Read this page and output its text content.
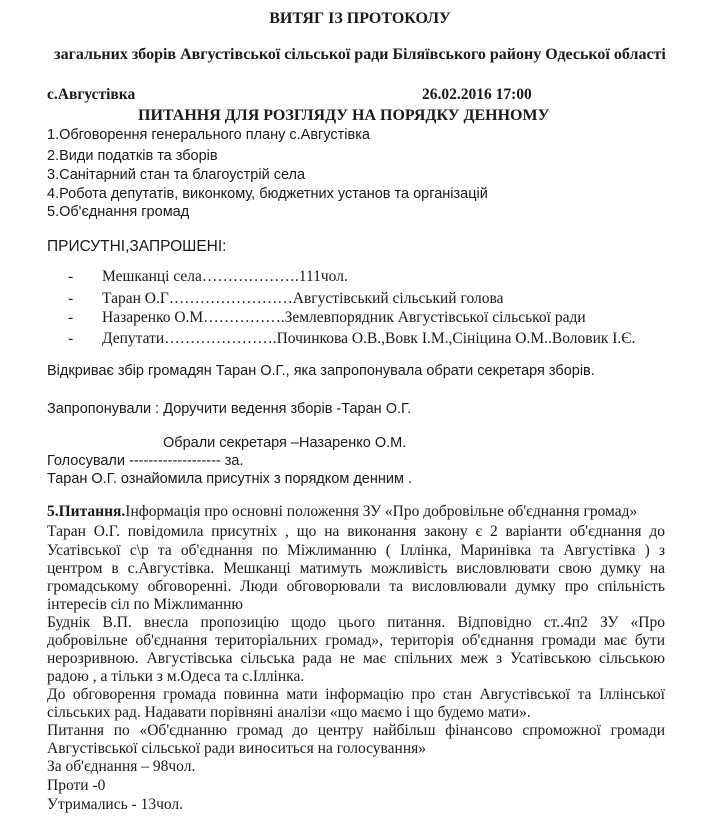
ВИТЯГ ІЗ ПРОТОКОЛУ
загальних зборів Августівської сільської ради Біляївського району Одеської області
с.Августівка	26.02.2016 17:00
ПИТАННЯ ДЛЯ РОЗГЛЯДУ НА ПОРЯДКУ ДЕННОМУ
1.Обговорення генерального плану с.Августівка
2.Види податків та зборів
3.Санітарний стан та благоустрій села
4.Робота депутатів, виконкому, бюджетних установ та організацій
5.Об'єднання громад
ПРИСУТНІ,ЗАПРОШЕНІ:
- Мешканці села……………….111чол.
- Таран О.Г……………………Августівський сільський голова
- Назаренко О.М…………….Землевпорядник Августівської сільської ради
- Депутати………………….Починкова О.В.,Вовк І.М.,Сініцина О.М..Воловик І.Є.
Відкриває збір громадян Таран О.Г., яка запропонувала обрати секретаря зборів.
Запропонували : Доручити ведення зборів -Таран О.Г.
Обрали секретаря –Назаренко О.М.
Голосували ------------------- за.
Таран О.Г. ознайомила присутніх з порядком денним .
5.Питання.Інформація про основні положення ЗУ «Про добровільне об'єднання громад»
Таран О.Г. повідомила присутніх , що на виконання закону є 2 варіанти об'єднання до
Усатівської с\р та об'єднання по Міжлиманню ( Іллінка, Маринівка та Августівка ) з
центром в с.Августівка. Мешканці матимуть можливість висловлювати свою думку на
громадському обговоренні. Люди обговорювали та висловлювали думку про спільність
інтересів сіл по Міжлиманню
Буднік В.П. внесла пропозицію щодо цього питання. Відповідно ст..4п2 ЗУ «Про
добровільне об'єднання територіальних громад», територія об'єднання громади має бути
нерозривною. Августівська сільська рада не має спільних меж з Усатівською сільською
радою , а тільки з м.Одеса та с.Іллінка.
До обговорення громада повинна мати інформацію про стан Августівської та Іллінської
сільських рад. Надавати порівняні аналізи «що маємо і що будемо мати».
Питання по «Об'єднанню громад до центру найбільш фінансово спроможної громади
Августівської сільської ради виноситься на голосування»
За об'єднання – 98чол.
Проти -0
Утримались - 13чол.
